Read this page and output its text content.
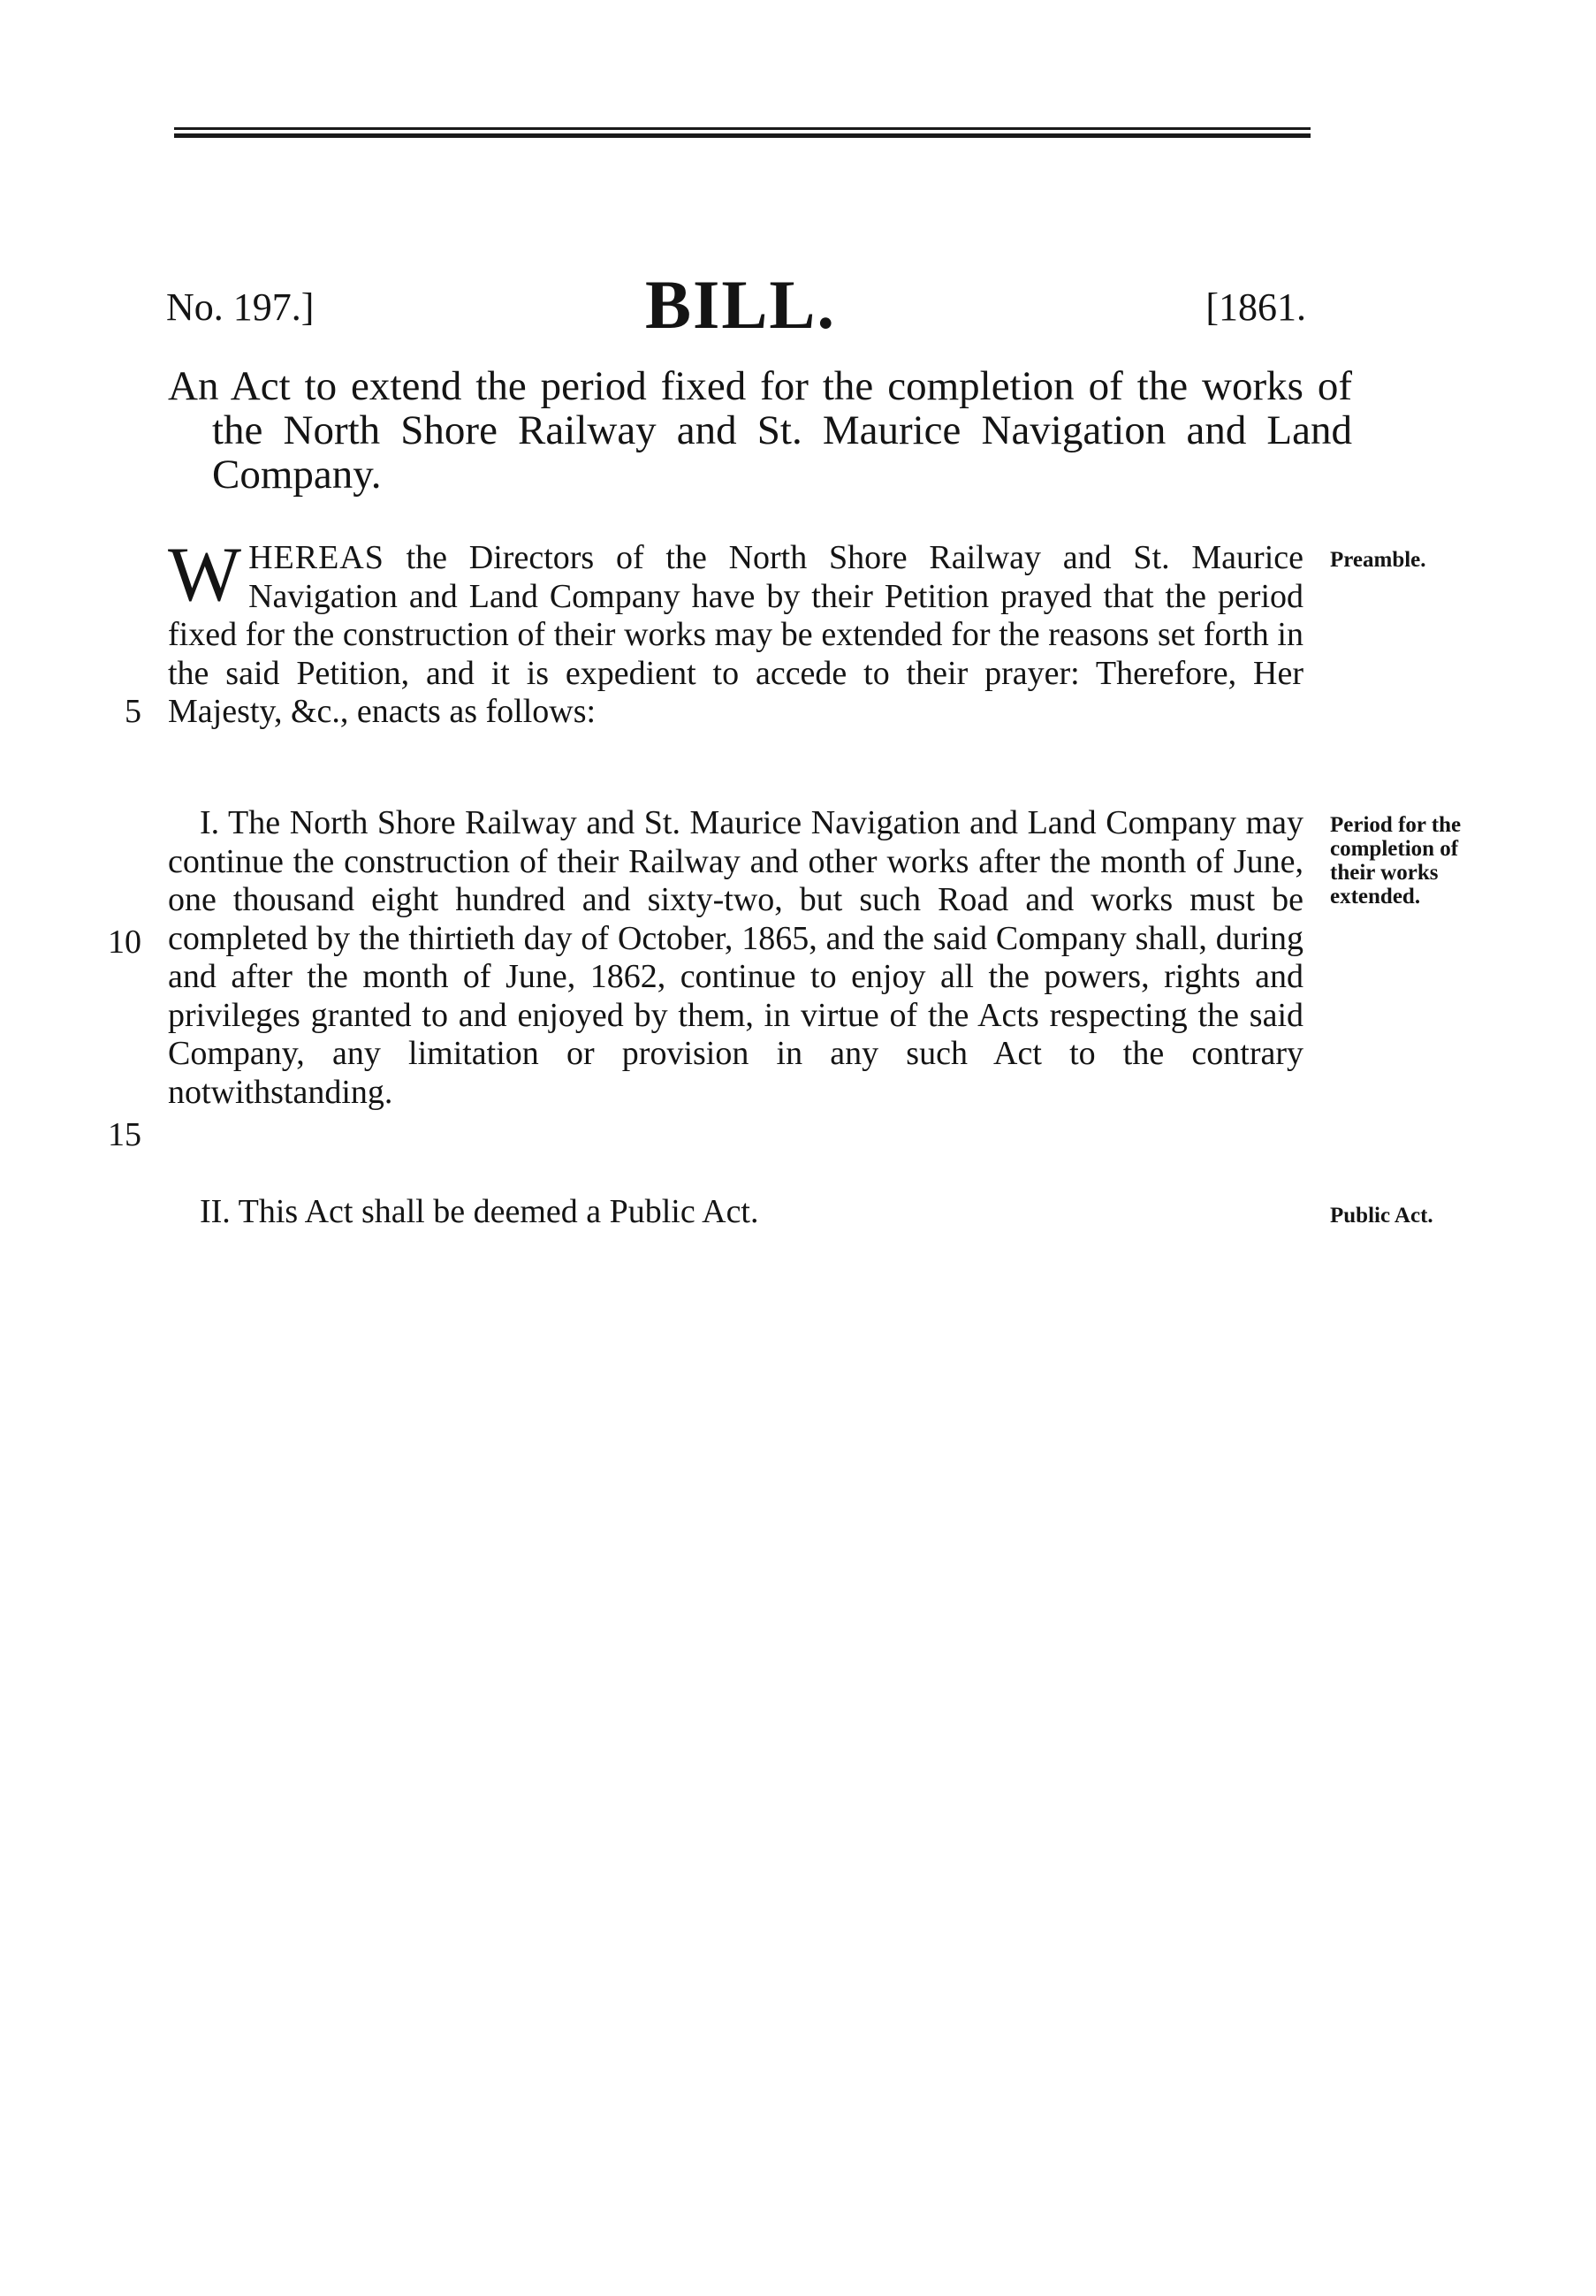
No. 197.]	BILL.	[1861.

An Act to extend the period fixed for the completion of the works of the North Shore Railway and St. Maurice Navigation and Land Company.

WHEREAS the Directors of the North Shore Railway and St. Maurice Navigation and Land Company have by their Petition prayed that the period fixed for the construction of their works may be extended for the reasons set forth in the said Petition, and it is expedient to accede to their prayer: Therefore, Her Majesty, &c., enacts as follows:

I. The North Shore Railway and St. Maurice Navigation and Land Company may continue the construction of their Railway and other works after the month of June, one thousand eight hundred and sixty-two, but such Road and works must be completed by the thirtieth day of October, 1865, and the said Company shall, during and after the month of June, 1862, continue to enjoy all the powers, rights and privileges granted to and enjoyed by them, in virtue of the Acts respecting the said Company, any limitation or provision in any such Act to the contrary notwithstanding.

II. This Act shall be deemed a Public Act.

5
10
15
Preamble.
Period for the completion of their works extended.
Public Act.
